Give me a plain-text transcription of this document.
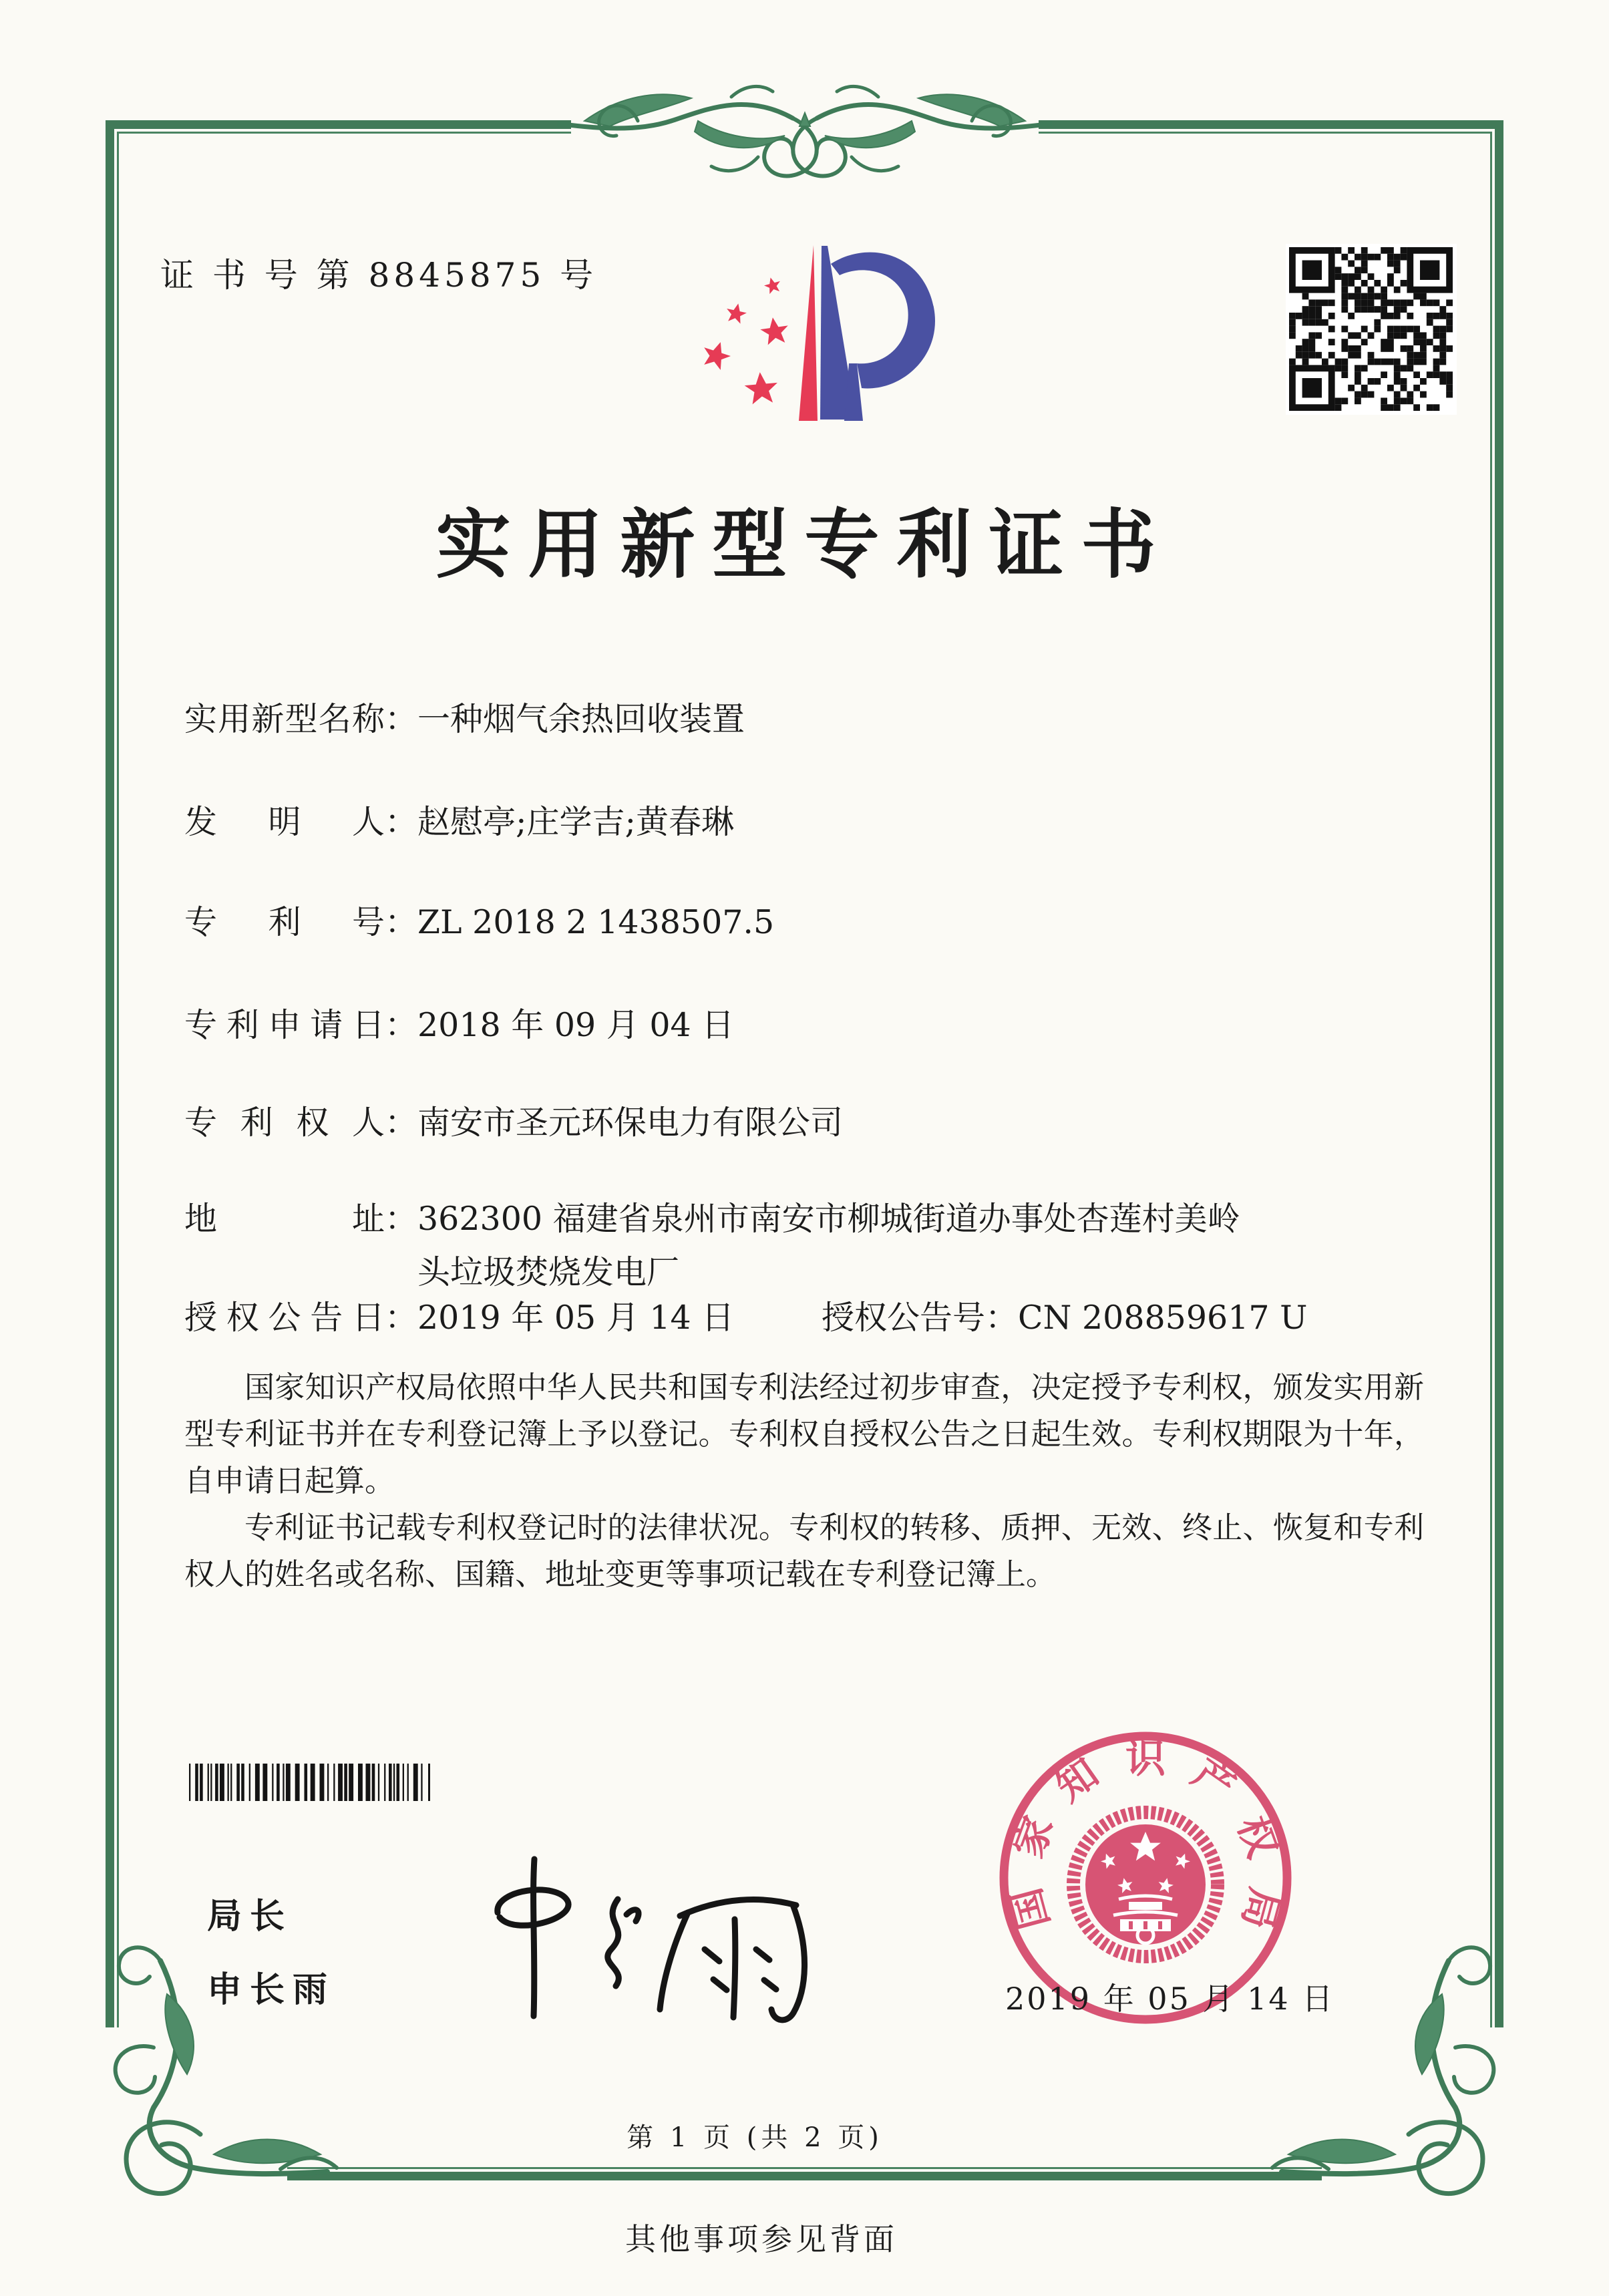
证 书 号 第 8845875 号
实用新型专利证书
实用新型名称：一种烟气余热回收装置
发明人：赵慰亭;庄学吉;黄春琳
专利号：ZL 2018 2 1438507.5
专利申请日：2018 年 09 月 04 日
专利权人：南安市圣元环保电力有限公司
地址：362300 福建省泉州市南安市柳城街道办事处杏莲村美岭
头垃圾焚烧发电厂
授权公告日：2019 年 05 月 14 日	授权公告号：CN 208859617 U

国家知识产权局依照中华人民共和国专利法经过初步审查，决定授予专利权，颁发实用新型专利证书并在专利登记簿上予以登记。专利权自授权公告之日起生效。专利权期限为十年，自申请日起算。

专利证书记载专利权登记时的法律状况。专利权的转移、质押、无效、终止、恢复和专利权人的姓名或名称、国籍、地址变更等事项记载在专利登记簿上。

局长
申长雨
国
家
知 识 产
权
局
2019 年 05 月 14 日
第 1 页 (共 2 页)
其他事项参见背面
